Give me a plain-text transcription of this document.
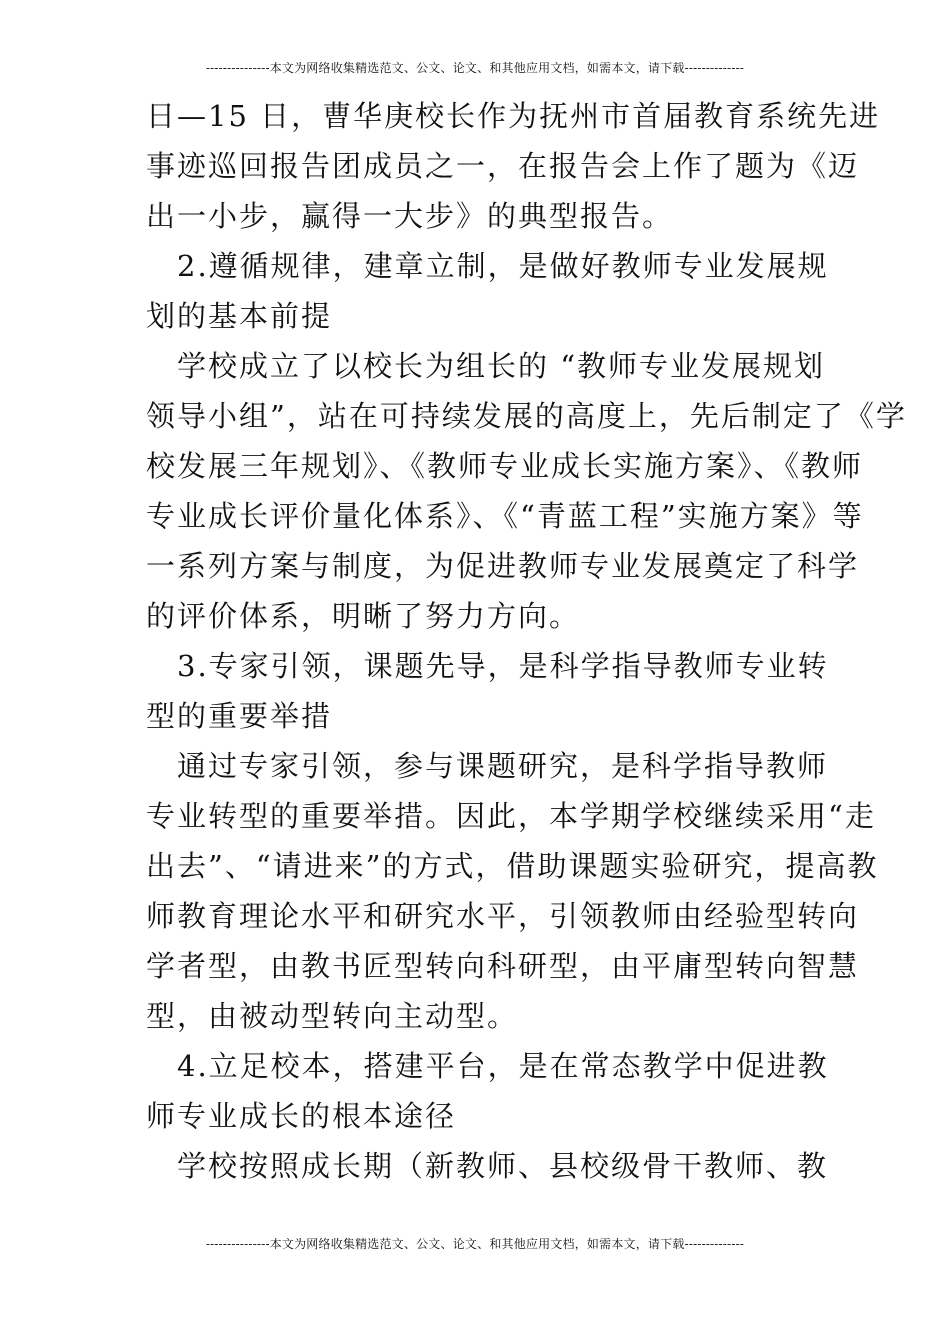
---------------本文为网络收集精选范文、公文、论文、和其他应用文档，如需本文，请下载--------------
日—15 日，曹华庚校长作为抚州市首届教育系统先进
事迹巡回报告团成员之一，在报告会上作了题为《迈
出一小步，赢得一大步》的典型报告。
　2.遵循规律，建章立制，是做好教师专业发展规
划的基本前提
　学校成立了以校长为组长的 “教师专业发展规划
领导小组”，站在可持续发展的高度上，先后制定了《学
校发展三年规划》、《教师专业成长实施方案》、《教师
专业成长评价量化体系》、《“青蓝工程”实施方案》等
一系列方案与制度，为促进教师专业发展奠定了科学
的评价体系，明晰了努力方向。
　3.专家引领，课题先导，是科学指导教师专业转
型的重要举措
　通过专家引领，参与课题研究，是科学指导教师
专业转型的重要举措。因此，本学期学校继续采用“走
出去”、“请进来”的方式，借助课题实验研究，提高教
师教育理论水平和研究水平，引领教师由经验型转向
学者型，由教书匠型转向科研型，由平庸型转向智慧
型，由被动型转向主动型。
　4.立足校本，搭建平台，是在常态教学中促进教
师专业成长的根本途径
　学校按照成长期（新教师、县校级骨干教师、教
---------------本文为网络收集精选范文、公文、论文、和其他应用文档，如需本文，请下载--------------
